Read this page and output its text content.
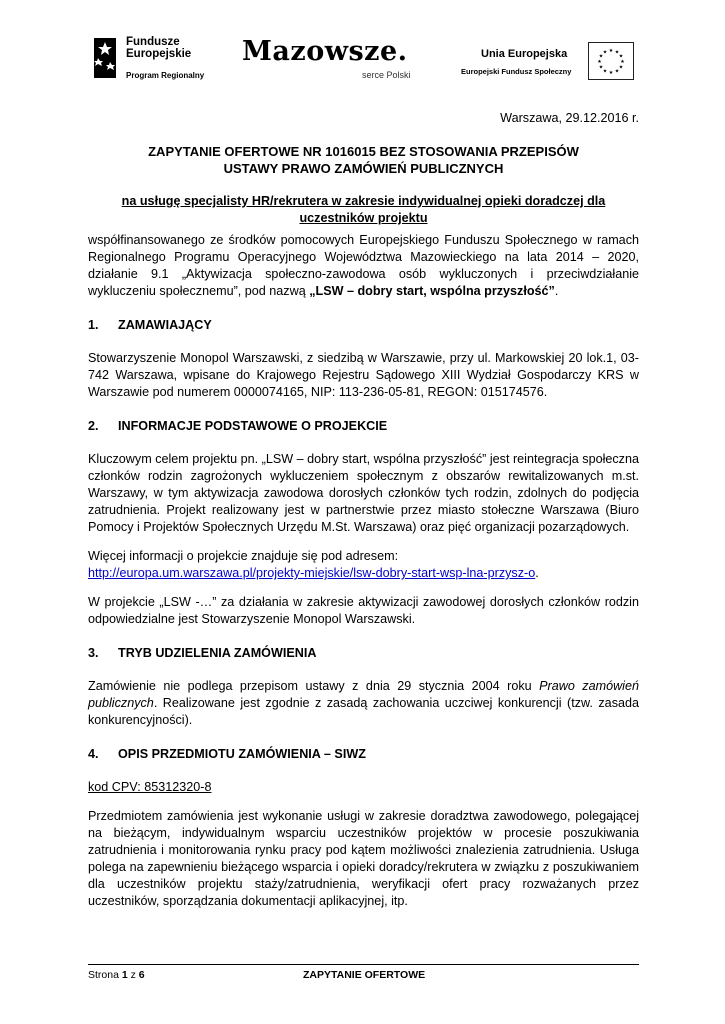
Fundusze
Europejskie
Program Regionalny
Mazowsze.
serce Polski
Unia Europejska
Europejski Fundusz Społeczny
★ ★
★
★
★
★
★
★
★
★
★
★
Warszawa, 29.12.2016 r.
ZAPYTANIE OFERTOWE NR 1016015 BEZ STOSOWANIA PRZEPISÓW
USTAWY PRAWO ZAMÓWIEŃ PUBLICZNYCH
na usługę specjalisty HR/rekrutera w zakresie indywidualnej opieki doradczej dla uczestników projektu

współfinansowanego ze środków pomocowych Europejskiego Funduszu Społecznego w ramach Regionalnego Programu Operacyjnego Województwa Mazowieckiego na lata 2014 – 2020, działanie 9.1 „Aktywizacja społeczno-zawodowa osób wykluczonych i przeciwdziałanie wykluczeniu społecznemu”, pod nazwą „LSW – dobry start, wspólna przyszłość”.

1.	ZAMAWIAJĄCY

Stowarzyszenie Monopol Warszawski, z siedzibą w Warszawie, przy ul. Markowskiej 20 lok.1, 03-742 Warszawa, wpisane do Krajowego Rejestru Sądowego XIII Wydział Gospodarczy KRS w Warszawie pod numerem 0000074165, NIP: 113-236-05-81, REGON: 015174576.

2.	INFORMACJE PODSTAWOWE O PROJEKCIE

Kluczowym celem projektu pn. „LSW – dobry start, wspólna przyszłość” jest reintegracja społeczna członków rodzin zagrożonych wykluczeniem społecznym z obszarów rewitalizowanych m.st. Warszawy, w tym aktywizacja zawodowa dorosłych członków tych rodzin, zdolnych do podjęcia zatrudnienia. Projekt realizowany jest w partnerstwie przez miasto stołeczne Warszawa (Biuro Pomocy i Projektów Społecznych Urzędu M.St. Warszawa) oraz pięć organizacji pozarządowych.

Więcej informacji o projekcie znajduje się pod adresem:
http://europa.um.warszawa.pl/projekty-miejskie/lsw-dobry-start-wsp-lna-przysz-o.

W projekcie „LSW -…” za działania w zakresie aktywizacji zawodowej dorosłych członków rodzin odpowiedzialne jest Stowarzyszenie Monopol Warszawski.

3.	TRYB UDZIELENIA ZAMÓWIENIA

Zamówienie nie podlega przepisom ustawy z dnia 29 stycznia 2004 roku Prawo zamówień publicznych. Realizowane jest zgodnie z zasadą zachowania uczciwej konkurencji (tzw. zasada konkurencyjności).

4.	OPIS PRZEDMIOTU ZAMÓWIENIA – SIWZ

kod CPV: 85312320-8

Przedmiotem zamówienia jest wykonanie usługi w zakresie doradztwa zawodowego, polegającej na bieżącym, indywidualnym wsparciu uczestników projektów w procesie poszukiwania zatrudnienia i monitorowania rynku pracy pod kątem możliwości znalezienia zatrudnienia. Usługa polega na zapewnieniu bieżącego wsparcia i opieki doradcy/rekrutera w związku z poszukiwaniem dla uczestników projektu staży/zatrudnienia, weryfikacji ofert pracy rozważanych przez uczestników, sporządzania dokumentacji aplikacyjnej, itp.

Strona 1 z 6	ZAPYTANIE OFERTOWE
